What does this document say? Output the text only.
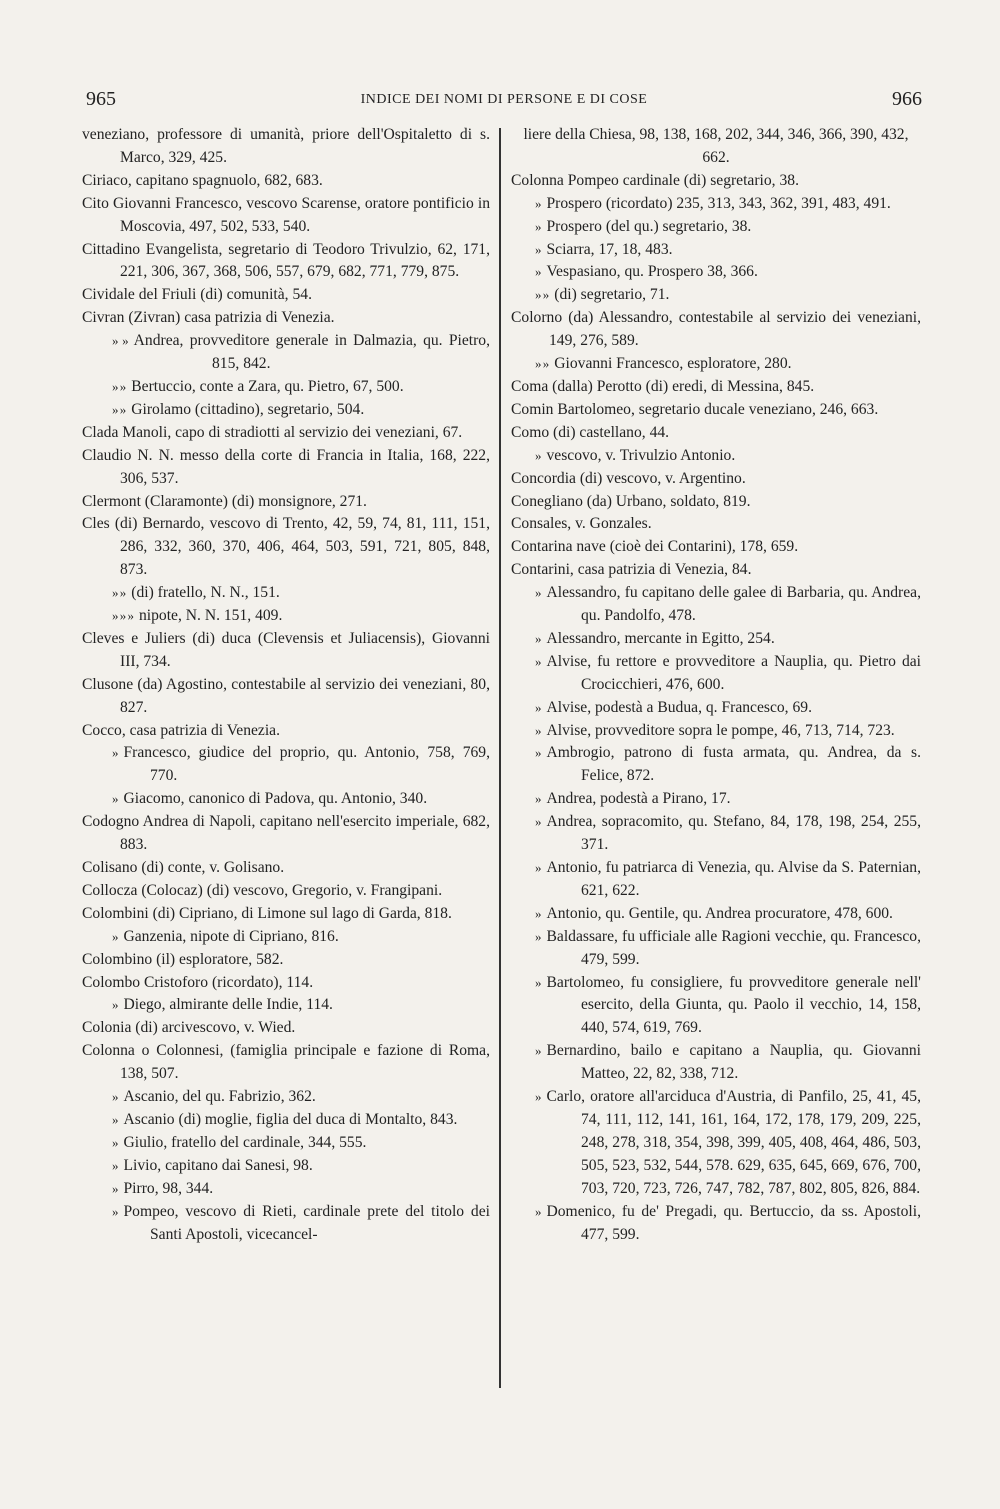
965	INDICE DEI NOMI DI PERSONE E DI COSE	966
veneziano, professore di umanità, priore dell'Ospitaletto di s. Marco, 329, 425.
Ciriaco, capitano spagnuolo, 682, 683.
Cito Giovanni Francesco, vescovo Scarense, oratore pontificio in Moscovia, 497, 502, 533, 540.
Cittadino Evangelista, segretario di Teodoro Trivulzio, 62, 171, 221, 306, 367, 368, 506, 557, 679, 682, 771, 779, 875.
Cividale del Friuli (di) comunità, 54.
Civran (Zivran) casa patrizia di Venezia.
» » Andrea, provveditore generale in Dalmazia, qu. Pietro, 815, 842.
» » Bertuccio, conte a Zara, qu. Pietro, 67, 500.
» » Girolamo (cittadino), segretario, 504.
Clada Manoli, capo di stradiotti al servizio dei veneziani, 67.
Claudio N. N. messo della corte di Francia in Italia, 168, 222, 306, 537.
Clermont (Claramonte) (di) monsignore, 271.
Cles (di) Bernardo, vescovo di Trento, 42, 59, 74, 81, 111, 151, 286, 332, 360, 370, 406, 464, 503, 591, 721, 805, 848, 873.
» » (di) fratello, N. N., 151.
» » » nipote, N. N. 151, 409.
Cleves e Juliers (di) duca (Clevensis et Juliacensis), Giovanni III, 734.
Clusone (da) Agostino, contestabile al servizio dei veneziani, 80, 827.
Cocco, casa patrizia di Venezia.
» Francesco, giudice del proprio, qu. Antonio, 758, 769, 770.
» Giacomo, canonico di Padova, qu. Antonio, 340.
Codogno Andrea di Napoli, capitano nell'esercito imperiale, 682, 883.
Colisano (di) conte, v. Golisano.
Collocza (Colocaz) (di) vescovo, Gregorio, v. Frangipani.
Colombini (di) Cipriano, di Limone sul lago di Garda, 818.
» Ganzenia, nipote di Cipriano, 816.
Colombino (il) esploratore, 582.
Colombo Cristoforo (ricordato), 114.
» Diego, almirante delle Indie, 114.
Colonia (di) arcivescovo, v. Wied.
Colonna o Colonnesi, (famiglia principale e fazione di Roma, 138, 507.
» Ascanio, del qu. Fabrizio, 362.
» Ascanio (di) moglie, figlia del duca di Montalto, 843.
» Giulio, fratello del cardinale, 344, 555.
» Livio, capitano dai Sanesi, 98.
» Pirro, 98, 344.
» Pompeo, vescovo di Rieti, cardinale prete del titolo dei Santi Apostoli, vicecancel-
liere della Chiesa, 98, 138, 168, 202, 344, 346, 366, 390, 432, 662.
Colonna Pompeo cardinale (di) segretario, 38.
» Prospero (ricordato) 235, 313, 343, 362, 391, 483, 491.
» Prospero (del qu.) segretario, 38.
» Sciarra, 17, 18, 483.
» Vespasiano, qu. Prospero 38, 366.
» » (di) segretario, 71.
Colorno (da) Alessandro, contestabile al servizio dei veneziani, 149, 276, 589.
» » Giovanni Francesco, esploratore, 280.
Coma (dalla) Perotto (di) eredi, di Messina, 845.
Comin Bartolomeo, segretario ducale veneziano, 246, 663.
Como (di) castellano, 44.
» vescovo, v. Trivulzio Antonio.
Concordia (di) vescovo, v. Argentino.
Conegliano (da) Urbano, soldato, 819.
Consales, v. Gonzales.
Contarina nave (cioè dei Contarini), 178, 659.
Contarini, casa patrizia di Venezia, 84.
» Alessandro, fu capitano delle galee di Barbaria, qu. Andrea, qu. Pandolfo, 478.
» Alessandro, mercante in Egitto, 254.
» Alvise, fu rettore e provveditore a Nauplia, qu. Pietro dai Crocicchieri, 476, 600.
» Alvise, podestà a Budua, q. Francesco, 69.
» Alvise, provveditore sopra le pompe, 46, 713, 714, 723.
» Ambrogio, patrono di fusta armata, qu. Andrea, da s. Felice, 872.
» Andrea, podestà a Pirano, 17.
» Andrea, sopracomito, qu. Stefano, 84, 178, 198, 254, 255, 371.
» Antonio, fu patriarca di Venezia, qu. Alvise da S. Paternian, 621, 622.
» Antonio, qu. Gentile, qu. Andrea procuratore, 478, 600.
» Baldassare, fu ufficiale alle Ragioni vecchie, qu. Francesco, 479, 599.
» Bartolomeo, fu consigliere, fu provveditore generale nell' esercito, della Giunta, qu. Paolo il vecchio, 14, 158, 440, 574, 619, 769.
» Bernardino, bailo e capitano a Nauplia, qu. Giovanni Matteo, 22, 82, 338, 712.
» Carlo, oratore all'arciduca d'Austria, di Panfilo, 25, 41, 45, 74, 111, 112, 141, 161, 164, 172, 178, 179, 209, 225, 248, 278, 318, 354, 398, 399, 405, 408, 464, 486, 503, 505, 523, 532, 544, 578. 629, 635, 645, 669, 676, 700, 703, 720, 723, 726, 747, 782, 787, 802, 805, 826, 884.
» Domenico, fu de' Pregadi, qu. Bertuccio, da ss. Apostoli, 477, 599.
